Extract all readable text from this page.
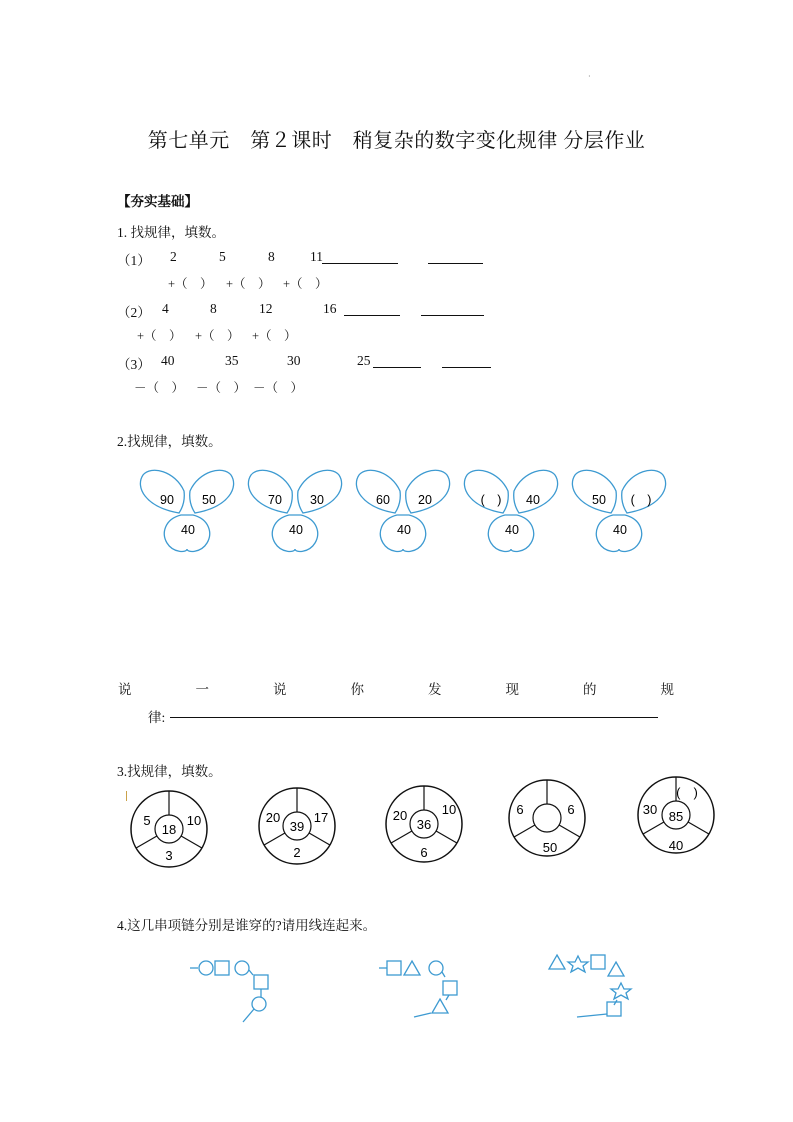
·
第七单元　第２课时　稍复杂的数字变化规律 分层作业
【夯实基础】
1. 找规律，填数。
（1） 2	5	8	11
+（　） +（　） +（　）
（2） 4	8	12	16
+（　） +（　） +（　）
（3） 40	35	30	25
－（　） －（　） －（　）
2.找规律，填数。
90 50
40
70 30
40
60 20
40
(　) 40
40
50 (　)
40
18
5	10
3
39
20	17
2
36
20	10
6
6	6
50
85
30
(　)
40
说	一	说	你	发	现	的	规
律:
3.找规律，填数。
4.这几串项链分别是谁穿的?请用线连起来。
